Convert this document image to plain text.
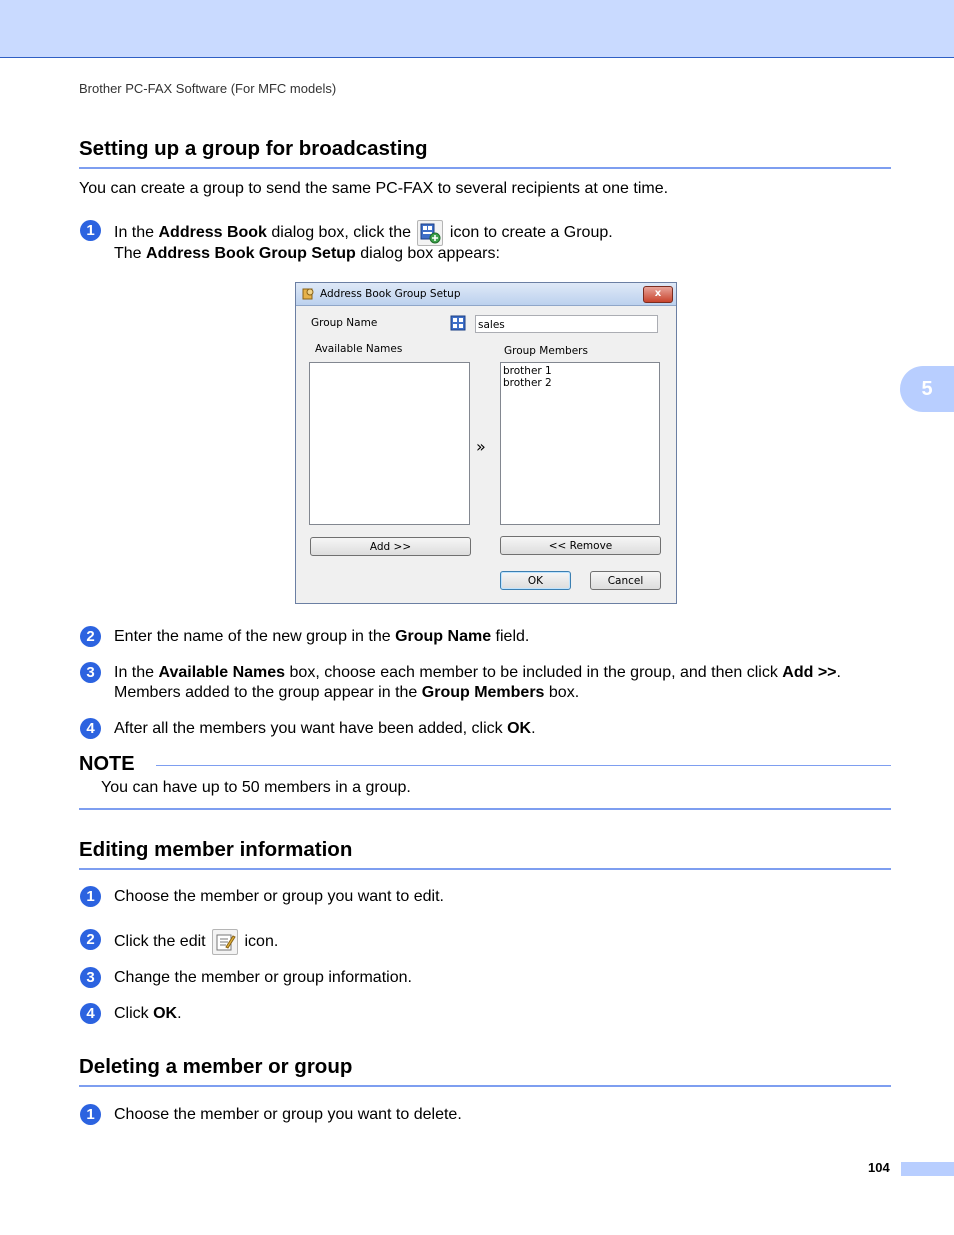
Brother PC-FAX Software (For MFC models)
5
Setting up a group for broadcasting
You can create a group to send the same PC-FAX to several recipients at one time.
1	In the Address Book dialog box, click the  icon to create a Group.
The Address Book Group Setup dialog box appears:
Address Book Group Setup	x
Group Name	sales
Available Names	Group Members
brother 1
brother 2
»
Add >>	<< Remove
OK	Cancel
2	Enter the name of the new group in the Group Name field.
3	In the Available Names box, choose each member to be included in the group, and then click Add >>.
Members added to the group appear in the Group Members box.
4	After all the members you want have been added, click OK.
NOTE
You can have up to 50 members in a group.
Editing member information
1	Choose the member or group you want to edit.
2	Click the edit  icon.
3	Change the member or group information.
4	Click OK.
Deleting a member or group
1	Choose the member or group you want to delete.
104
